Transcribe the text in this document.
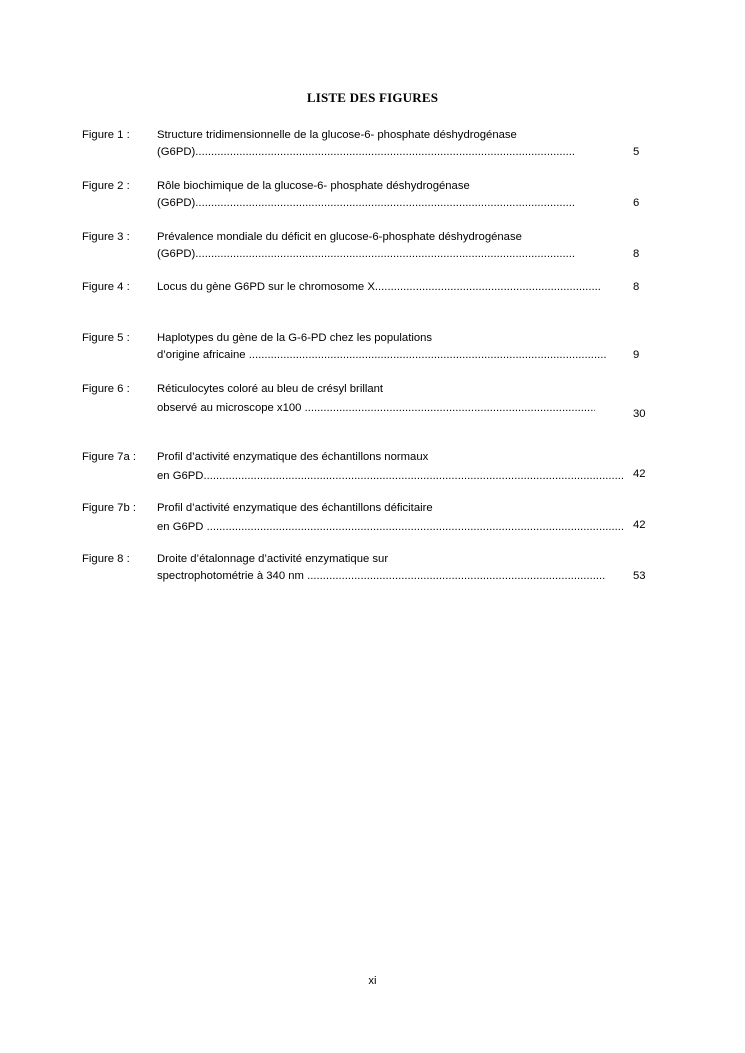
LISTE DES FIGURES
Figure 1 : Structure tridimensionnelle de la glucose-6- phosphate déshydrogénase
(G6PD) .....	5
Figure 2 : Rôle biochimique de la glucose-6- phosphate déshydrogénase
(G6PD) .....	6
Figure 3 : Prévalence mondiale du déficit en glucose-6-phosphate déshydrogénase
(G6PD) .....	8
Figure 4 : Locus du gène G6PD sur le chromosome X .....	8
Figure 5 : Haplotypes du gène de la G-6-PD chez les populations
d’origine africaine .....	9
Figure 6 : Réticulocytes coloré au bleu de crésyl brillant
observé au microscope x100 .....	30
Figure 7a : Profil d’activité enzymatique des échantillons normaux
en G6PD .....	42
Figure 7b : Profil d’activité enzymatique des échantillons déficitaire
en G6PD .....	42
Figure 8 : Droite d’étalonnage d’activité enzymatique sur
spectrophotométrie à 340 nm .....	53
xi
